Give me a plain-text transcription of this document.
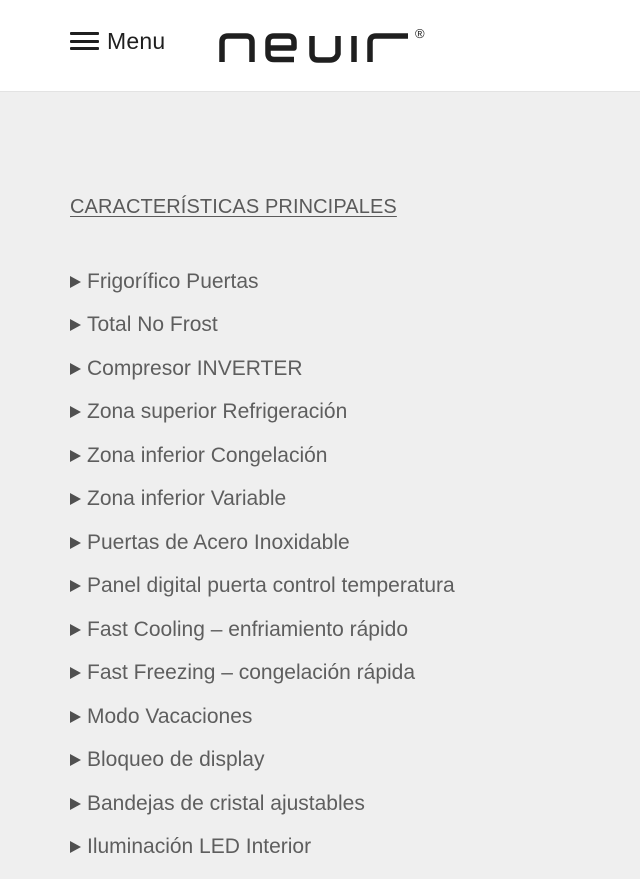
Menu	®
CARACTERÍSTICAS PRINCIPALES
Frigorífico Puertas
Total No Frost
Compresor INVERTER
Zona superior Refrigeración
Zona inferior Congelación
Zona inferior Variable
Puertas de Acero Inoxidable
Panel digital puerta control temperatura
Fast Cooling – enfriamiento rápido
Fast Freezing – congelación rápida
Modo Vacaciones
Bloqueo de display
Bandejas de cristal ajustables
Iluminación LED Interior
